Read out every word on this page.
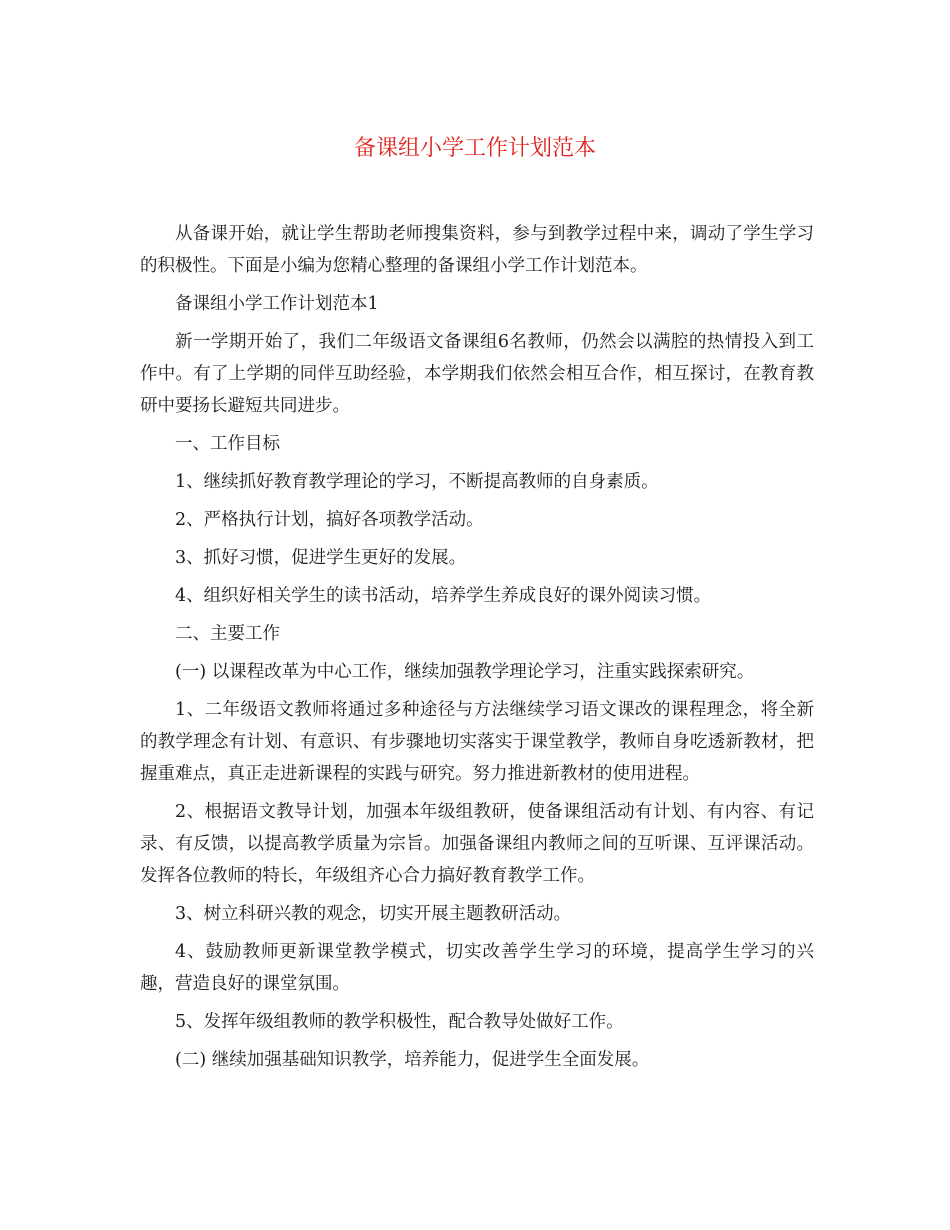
备课组小学工作计划范本

从备课开始，就让学生帮助老师搜集资料，参与到教学过程中来，调动了学生学习的积极性。下面是小编为您精心整理的备课组小学工作计划范本。

备课组小学工作计划范本1

新一学期开始了，我们二年级语文备课组6名教师，仍然会以满腔的热情投入到工作中。有了上学期的同伴互助经验，本学期我们依然会相互合作，相互探讨，在教育教研中要扬长避短共同进步。

一、工作目标

1、继续抓好教育教学理论的学习，不断提高教师的自身素质。

2、严格执行计划，搞好各项教学活动。

3、抓好习惯，促进学生更好的发展。

4、组织好相关学生的读书活动，培养学生养成良好的课外阅读习惯。

二、主要工作

(一) 以课程改革为中心工作，继续加强教学理论学习，注重实践探索研究。

1、二年级语文教师将通过多种途径与方法继续学习语文课改的课程理念，将全新的教学理念有计划、有意识、有步骤地切实落实于课堂教学，教师自身吃透新教材，把握重难点，真正走进新课程的实践与研究。努力推进新教材的使用进程。

2、根据语文教导计划，加强本年级组教研，使备课组活动有计划、有内容、有记录、有反馈，以提高教学质量为宗旨。加强备课组内教师之间的互听课、互评课活动。发挥各位教师的特长，年级组齐心合力搞好教育教学工作。

3、树立科研兴教的观念，切实开展主题教研活动。

4、鼓励教师更新课堂教学模式，切实改善学生学习的环境，提高学生学习的兴趣，营造良好的课堂氛围。

5、发挥年级组教师的教学积极性，配合教导处做好工作。

(二) 继续加强基础知识教学，培养能力，促进学生全面发展。
